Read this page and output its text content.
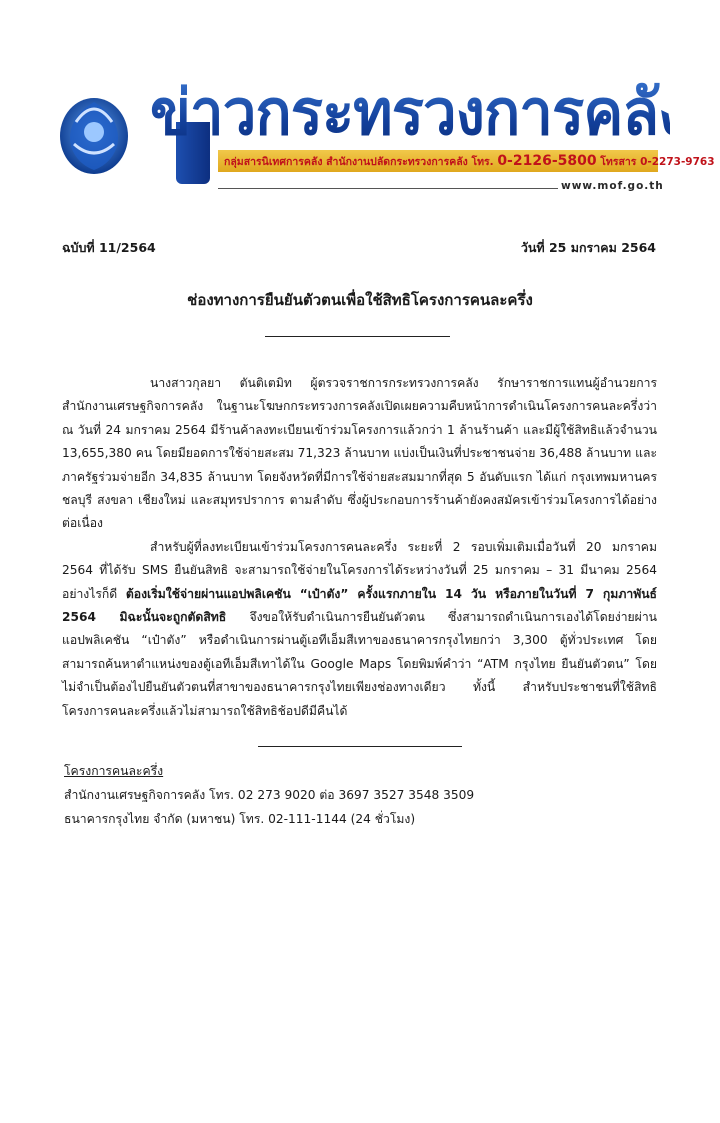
ข่าวกระทรวงการคลัง
กลุ่มสารนิเทศการคลัง สำนักงานปลัดกระทรวงการคลัง โทร. 0-2126-5800 โทรสาร 0-2273-9763
www.mof.go.th
ฉบับที่ 11/2564	วันที่ 25 มกราคม 2564
ช่องทางการยืนยันตัวตนเพื่อใช้สิทธิโครงการคนละครึ่ง

นางสาวกุลยา ตันติเตมิท ผู้ตรวจราชการกระทรวงการคลัง รักษาราชการแทนผู้อำนวยการสำนักงานเศรษฐกิจการคลัง ในฐานะโฆษกกระทรวงการคลังเปิดเผยความคืบหน้าการดำเนินโครงการคนละครึ่งว่า ณ วันที่ 24 มกราคม 2564 มีร้านค้าลงทะเบียนเข้าร่วมโครงการแล้วกว่า 1 ล้านร้านค้า และมีผู้ใช้สิทธิแล้วจำนวน 13,655,380 คน โดยมียอดการใช้จ่ายสะสม 71,323 ล้านบาท แบ่งเป็นเงินที่ประชาชนจ่าย 36,488 ล้านบาท และภาครัฐร่วมจ่ายอีก 34,835 ล้านบาท โดยจังหวัดที่มีการใช้จ่ายสะสมมากที่สุด 5 อันดับแรก ได้แก่ กรุงเทพมหานคร ชลบุรี สงขลา เชียงใหม่ และสมุทรปราการ ตามลำดับ ซึ่งผู้ประกอบการร้านค้ายังคงสมัครเข้าร่วมโครงการได้อย่างต่อเนื่อง

สำหรับผู้ที่ลงทะเบียนเข้าร่วมโครงการคนละครึ่ง ระยะที่ 2 รอบเพิ่มเติมเมื่อวันที่ 20 มกราคม 2564 ที่ได้รับ SMS ยืนยันสิทธิ จะสามารถใช้จ่ายในโครงการได้ระหว่างวันที่ 25 มกราคม – 31 มีนาคม 2564 อย่างไรก็ดี ต้องเริ่มใช้จ่ายผ่านแอปพลิเคชัน “เป๋าตัง” ครั้งแรกภายใน 14 วัน หรือภายในวันที่ 7 กุมภาพันธ์ 2564 มิฉะนั้นจะถูกตัดสิทธิ จึงขอให้รับดำเนินการยืนยันตัวตน ซึ่งสามารถดำเนินการเองได้โดยง่ายผ่านแอปพลิเคชัน “เป๋าตัง” หรือดำเนินการผ่านตู้เอทีเอ็มสีเทาของธนาคารกรุงไทยกว่า 3,300 ตู้ทั่วประเทศ โดยสามารถค้นหาตำแหน่งของตู้เอทีเอ็มสีเทาได้ใน Google Maps โดยพิมพ์คำว่า “ATM กรุงไทย ยืนยันตัวตน” โดยไม่จำเป็นต้องไปยืนยันตัวตนที่สาขาของธนาคารกรุงไทยเพียงช่องทางเดียว ทั้งนี้ สำหรับประชาชนที่ใช้สิทธิโครงการคนละครึ่งแล้วไม่สามารถใช้สิทธิช้อปดีมีคืนได้

โครงการคนละครึ่ง
สำนักงานเศรษฐกิจการคลัง โทร. 02 273 9020 ต่อ 3697 3527 3548 3509
ธนาคารกรุงไทย จำกัด (มหาชน) โทร. 02-111-1144 (24 ชั่วโมง)
